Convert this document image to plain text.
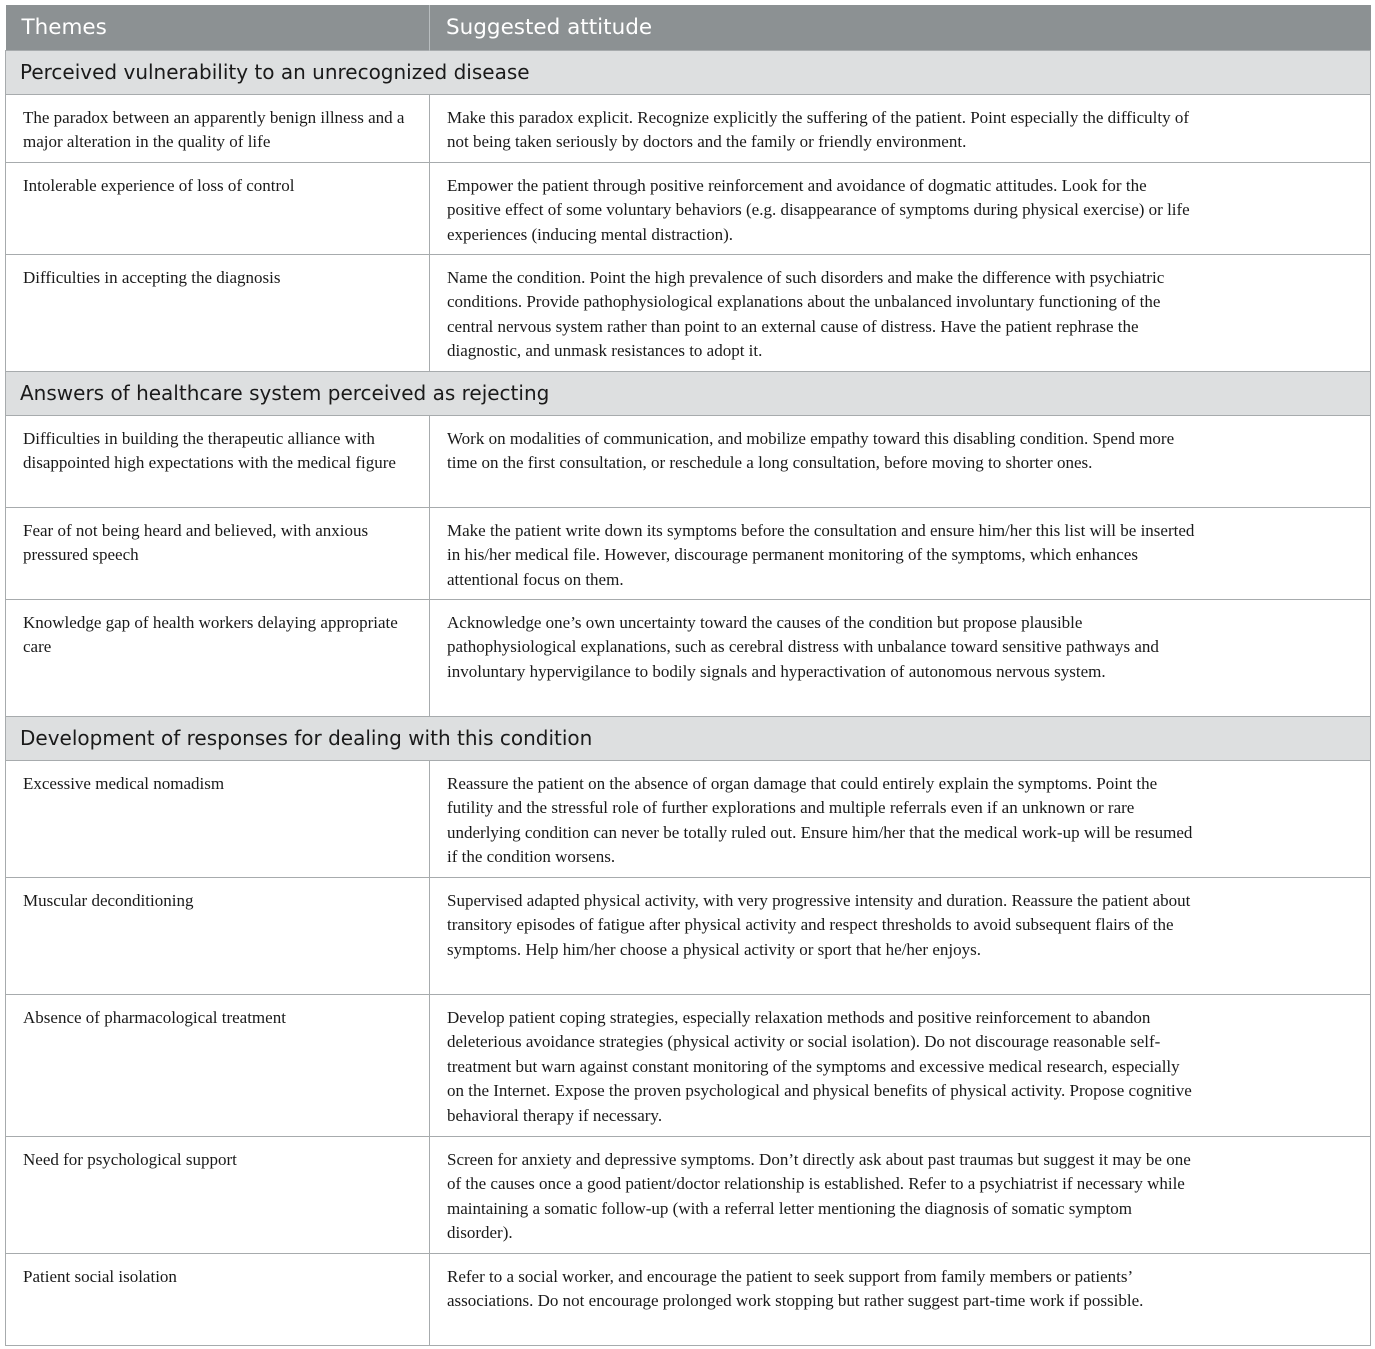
Themes	Suggested attitude
Perceived vulnerability to an unrecognized disease	
The paradox between an apparently benign illness and a major alteration in the quality of life	Make this paradox explicit. Recognize explicitly the suffering of the patient. Point especially the difficulty of not being taken seriously by doctors and the family or friendly environment.
Intolerable experience of loss of control	Empower the patient through positive reinforcement and avoidance of dogmatic attitudes. Look for the positive effect of some voluntary behaviors (e.g. disappearance of symptoms during physical exercise) or life experiences (inducing mental distraction).
Difficulties in accepting the diagnosis	Name the condition. Point the high prevalence of such disorders and make the difference with psychiatric conditions. Provide pathophysiological explanations about the unbalanced involuntary functioning of the central nervous system rather than point to an external cause of distress. Have the patient rephrase the diagnostic, and unmask resistances to adopt it.
Answers of healthcare system perceived as rejecting	
Difficulties in building the therapeutic alliance with disappointed high expectations with the medical figure	Work on modalities of communication, and mobilize empathy toward this disabling condition. Spend more time on the first consultation, or reschedule a long consultation, before moving to shorter ones.
Fear of not being heard and believed, with anxious pressured speech	Make the patient write down its symptoms before the consultation and ensure him/her this list will be inserted in his/her medical file. However, discourage permanent monitoring of the symptoms, which enhances attentional focus on them.
Knowledge gap of health workers delaying appropriate care	Acknowledge one’s own uncertainty toward the causes of the condition but propose plausible pathophysiological explanations, such as cerebral distress with unbalance toward sensitive pathways and involuntary hypervigilance to bodily signals and hyperactivation of autonomous nervous system.
Development of responses for dealing with this condition	
Excessive medical nomadism	Reassure the patient on the absence of organ damage that could entirely explain the symptoms. Point the futility and the stressful role of further explorations and multiple referrals even if an unknown or rare underlying condition can never be totally ruled out. Ensure him/her that the medical work-up will be resumed if the condition worsens.
Muscular deconditioning	Supervised adapted physical activity, with very progressive intensity and duration. Reassure the patient about transitory episodes of fatigue after physical activity and respect thresholds to avoid subsequent flairs of the symptoms. Help him/her choose a physical activity or sport that he/her enjoys.
Absence of pharmacological treatment	Develop patient coping strategies, especially relaxation methods and positive reinforcement to abandon deleterious avoidance strategies (physical activity or social isolation). Do not discourage reasonable self-treatment but warn against constant monitoring of the symptoms and excessive medical research, especially on the Internet. Expose the proven psychological and physical benefits of physical activity. Propose cognitive behavioral therapy if necessary.
Need for psychological support	Screen for anxiety and depressive symptoms. Don’t directly ask about past traumas but suggest it may be one of the causes once a good patient/doctor relationship is established. Refer to a psychiatrist if necessary while maintaining a somatic follow-up (with a referral letter mentioning the diagnosis of somatic symptom disorder).
Patient social isolation	Refer to a social worker, and encourage the patient to seek support from family members or patients’ associations. Do not encourage prolonged work stopping but rather suggest part-time work if possible.
